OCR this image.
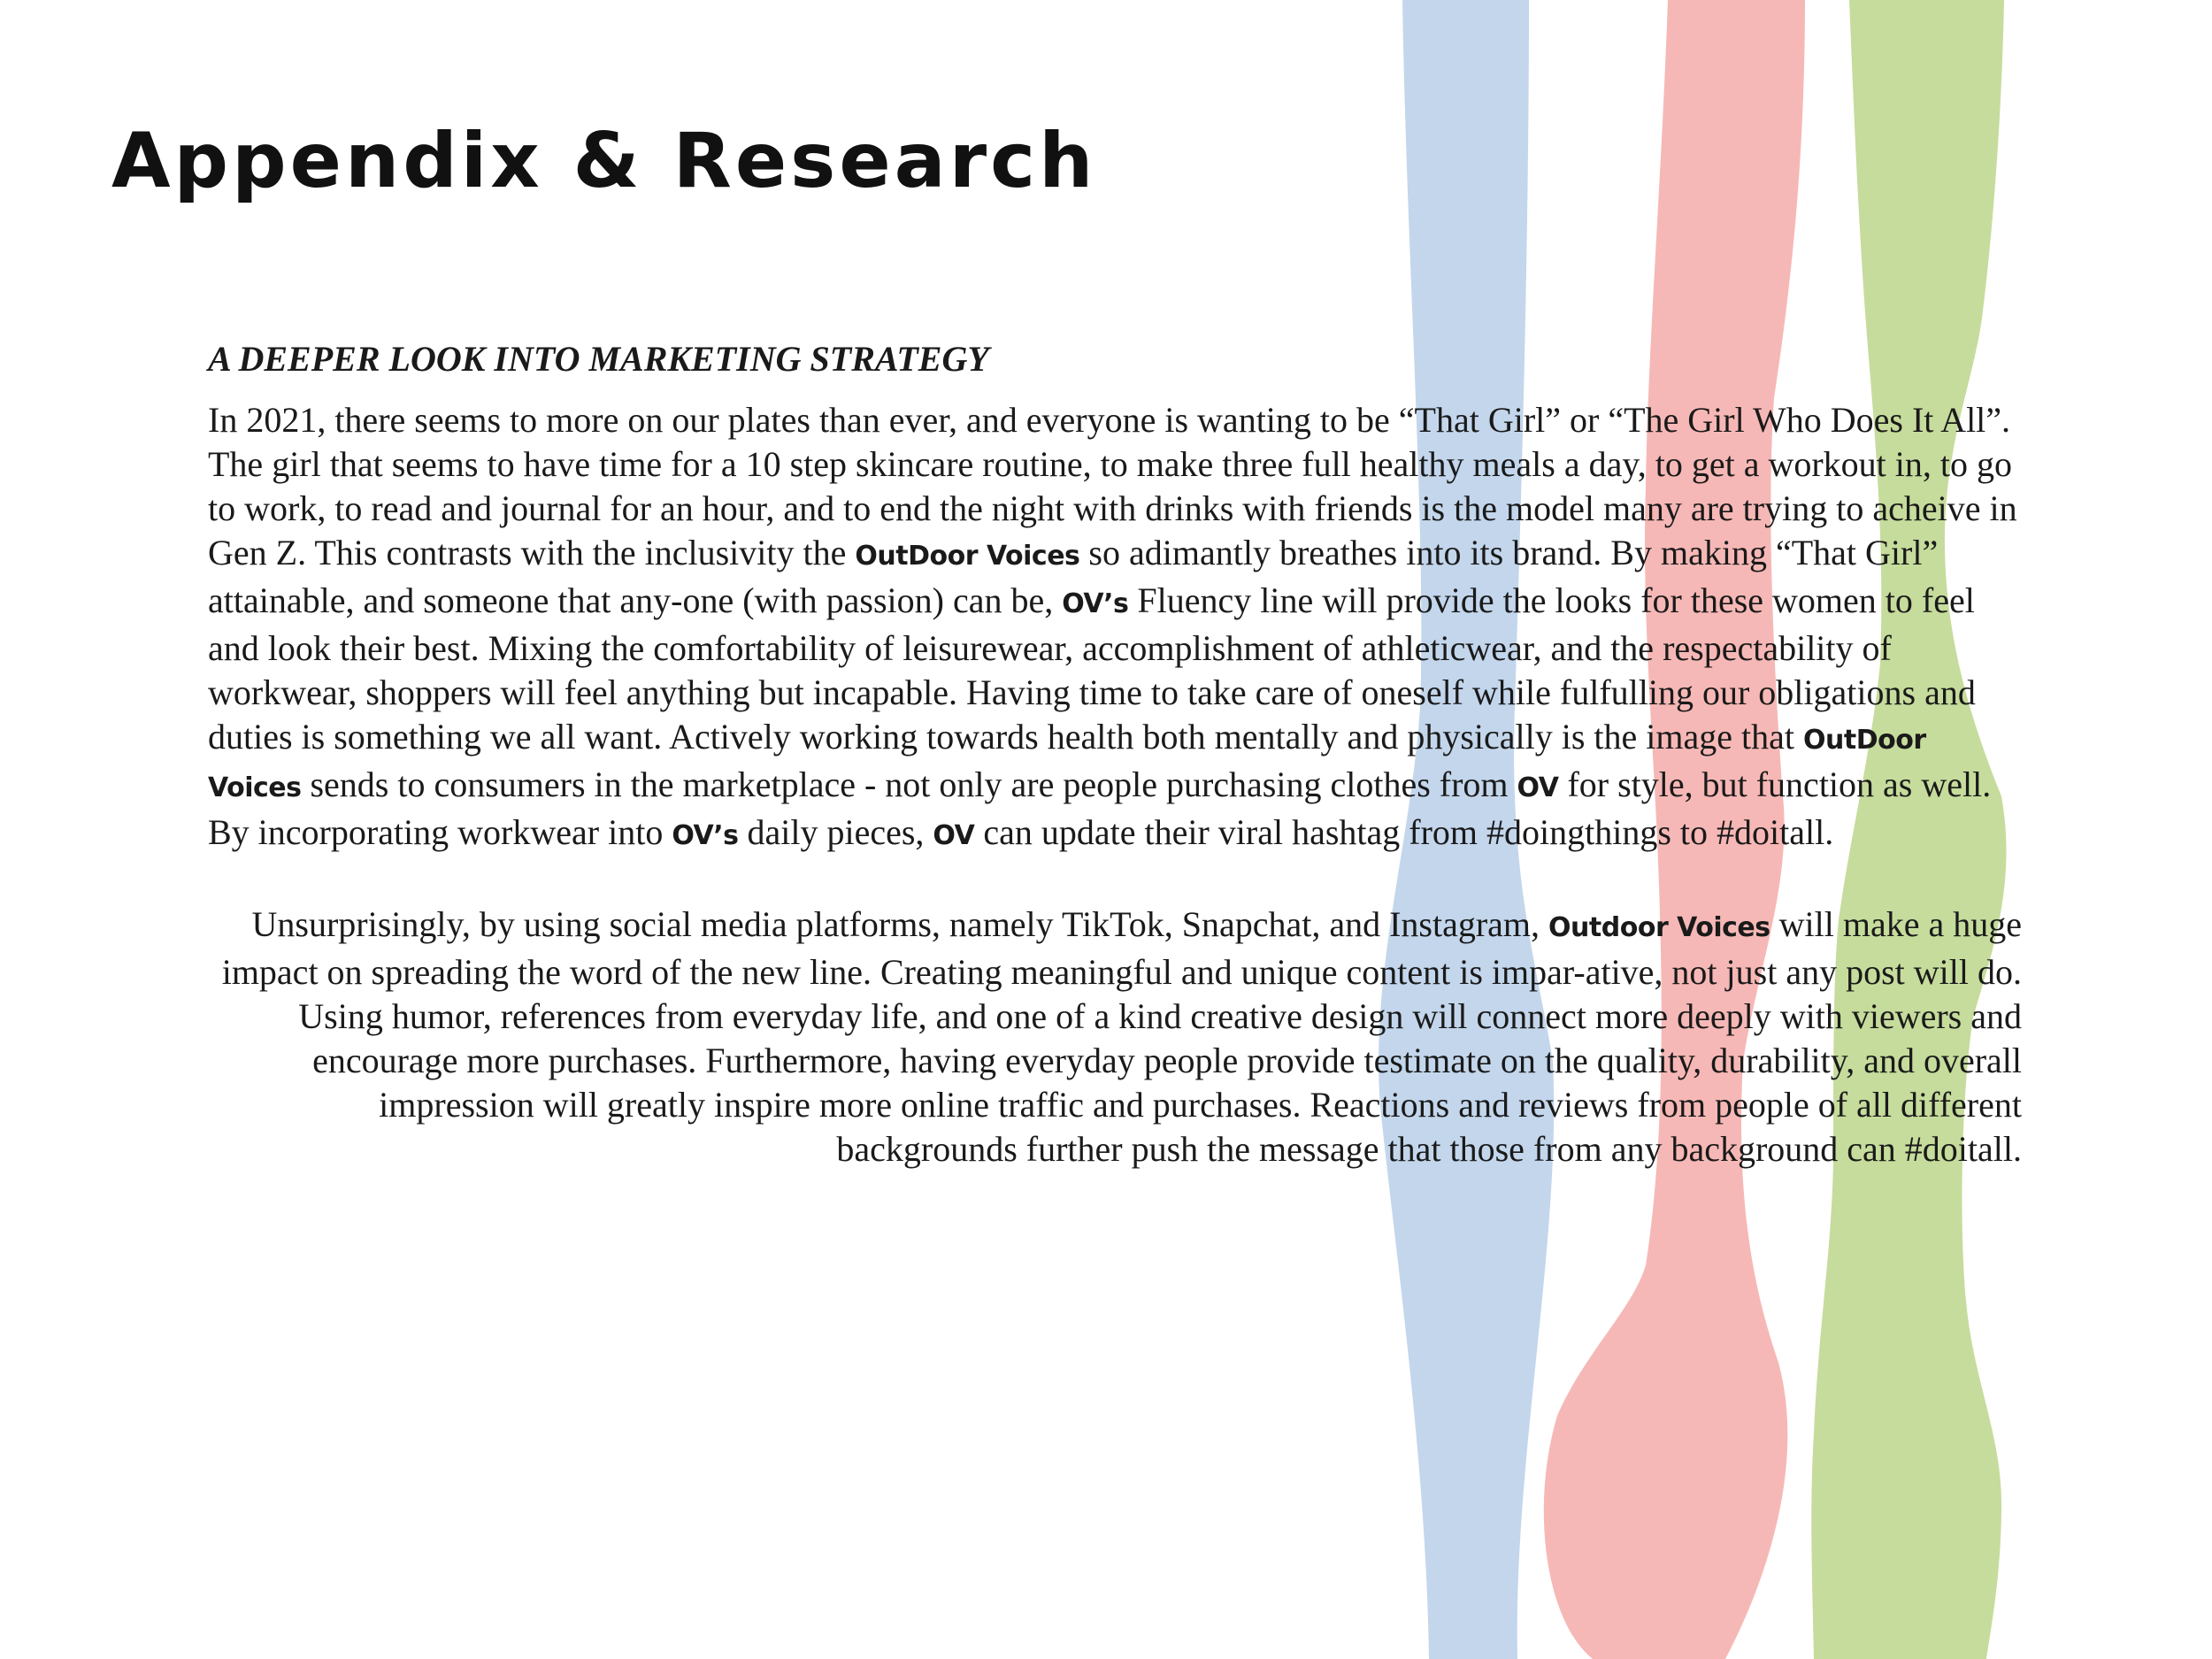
Appendix & Research
A DEEPER LOOK INTO MARKETING STRATEGY

In 2021, there seems to more on our plates than ever, and everyone is wanting to be “That Girl” or “The Girl Who Does It All”. The girl that seems to have time for a 10 step skincare routine, to make three full healthy meals a day, to get a workout in, to go to work, to read and journal for an hour, and to end the night with drinks with friends is the model many are trying to acheive in Gen Z. This contrasts with the inclusivity the OutDoor Voices so adimantly breathes into its brand. By making “That Girl” attainable, and someone that any-one (with passion) can be, OV’s Fluency line will provide the looks for these women to feel and look their best. Mixing the comfortability of leisurewear, accomplishment of athleticwear, and the respectability of workwear, shoppers will feel anything but incapable. Having time to take care of oneself while fulfulling our obligations and duties is something we all want. Actively working towards health both mentally and physically is the image that OutDoor Voices sends to consumers in the marketplace - not only are people purchasing clothes from OV for style, but function as well. By incorporating workwear into OV’s daily pieces, OV can update their viral hashtag from #doingthings to #doitall.

Unsurprisingly, by using social media platforms, namely TikTok, Snapchat, and Instagram, Outdoor Voices will make a huge impact on spreading the word of the new line. Creating meaningful and unique content is impar-ative, not just any post will do. Using humor, references from everyday life, and one of a kind creative design will connect more deeply with viewers and encourage more purchases. Furthermore, having everyday people provide testimate on the quality, durability, and overall impression will greatly inspire more online traffic and purchases. Reactions and reviews from people of all different backgrounds further push the message that those from any background can #doitall.
